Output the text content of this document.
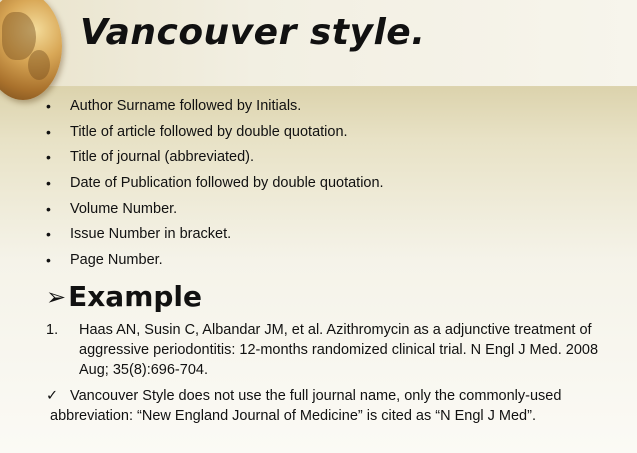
Vancouver style.
• Author Surname followed by Initials.
• Title of article followed by double quotation.
• Title of journal (abbreviated).
• Date of Publication followed by double quotation.
• Volume Number.
• Issue Number in bracket.
• Page Number.
➢ Example
1. Haas AN, Susin C, Albandar JM, et al. Azithromycin as a adjunctive treatment of aggressive periodontitis: 12-months randomized clinical trial. N Engl J Med. 2008 Aug; 35(8):696-704.
✓ Vancouver Style does not use the full journal name, only the commonly-used abbreviation: “New England Journal of Medicine” is cited as “N Engl J Med”.
